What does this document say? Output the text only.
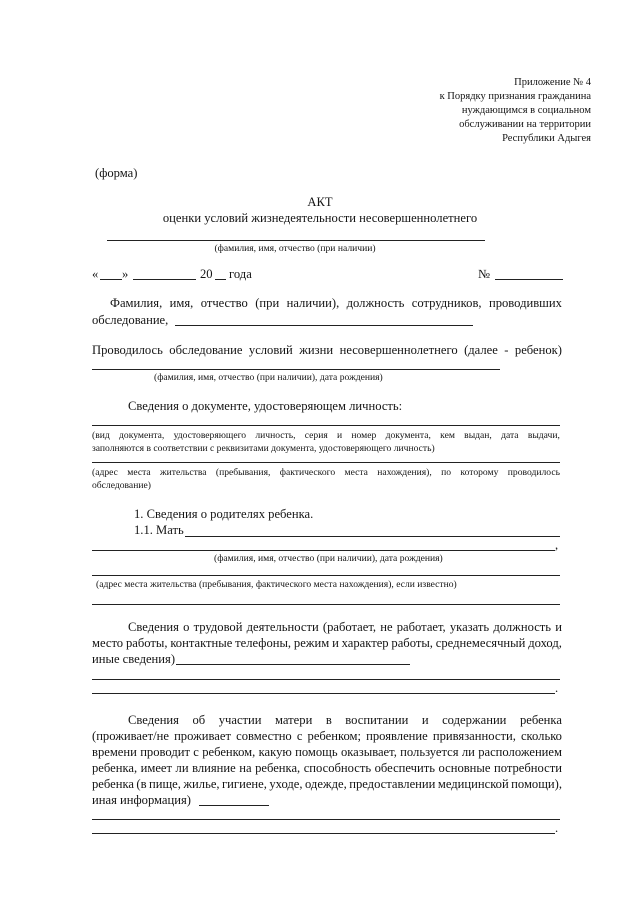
Приложение № 4
к Порядку признания гражданина
нуждающимся в социальном
обслуживании на территории
Республики Адыгея
(форма)
АКТ
оценки условий жизнедеятельности несовершеннолетнего
(фамилия, имя, отчество (при наличии)
« »	20 года	№
Фамилия, имя, отчество (при наличии), должность сотрудников, проводивших
обследование,
Проводилось обследование условий жизни несовершеннолетнего (далее - ребенок)
(фамилия, имя, отчество (при наличии), дата рождения)
Сведения о документе, удостоверяющем личность:
(вид документа, удостоверяющего личность, серия и номер документа, кем выдан, дата выдачи,
заполняются в соответствии с реквизитами документа, удостоверяющего личность)
(адрес места жительства (пребывания, фактического места нахождения), по которому проводилось
обследование)
1. Сведения о родителях ребенка.
1.1. Мать
,
(фамилия, имя, отчество (при наличии), дата рождения)
(адрес места жительства (пребывания, фактического места нахождения), если известно)
Сведения о трудовой деятельности (работает, не работает, указать должность и
место работы, контактные телефоны, режим и характер работы, среднемесячный доход,
иные сведения)
.
Сведения об участии матери в воспитании и содержании ребенка
(проживает/не проживает совместно с ребенком; проявление привязанности, сколько
времени проводит с ребенком, какую помощь оказывает, пользуется ли расположением
ребенка, имеет ли влияние на ребенка, способность обеспечить основные потребности
ребенка (в пище, жилье, гигиене, уходе, одежде, предоставлении медицинской помощи),
иная информация)
.
